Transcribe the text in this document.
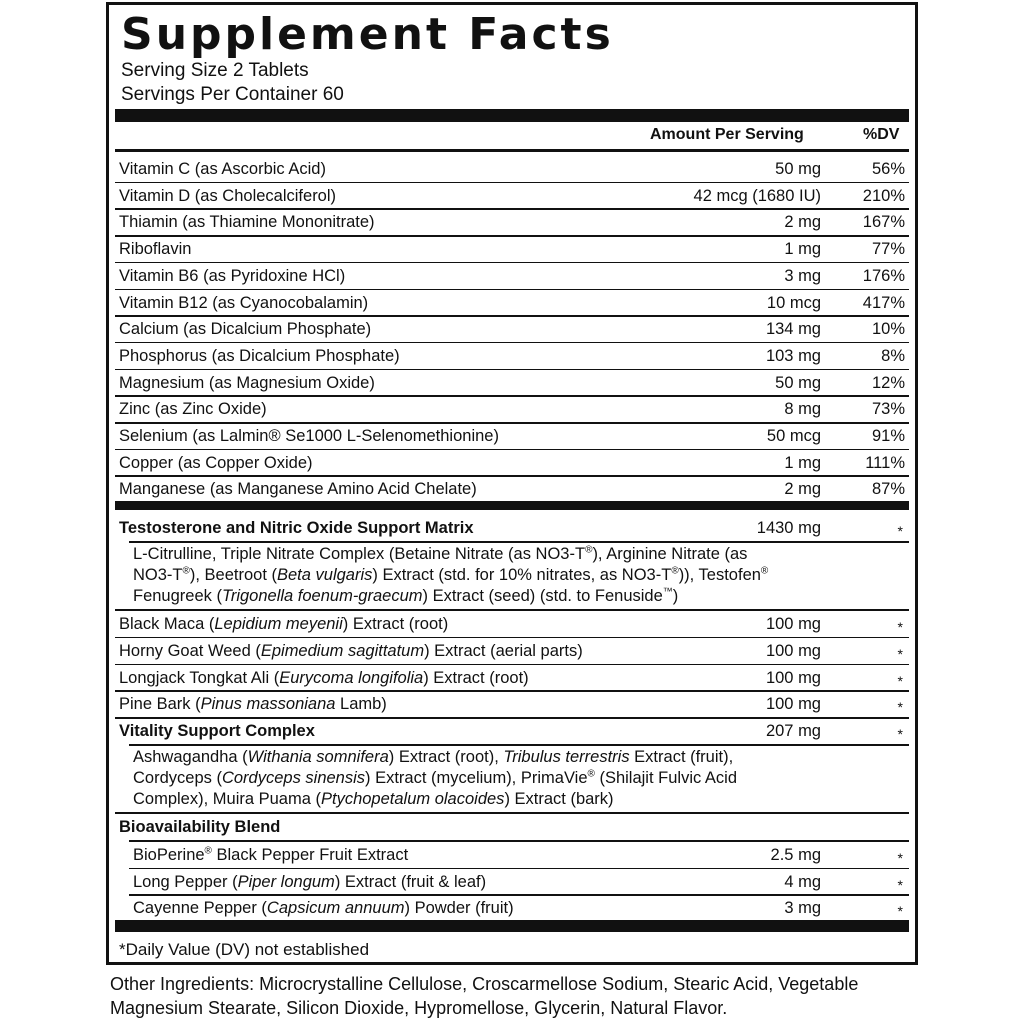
Supplement Facts
Serving Size 2 Tablets
Servings Per Container 60
Amount Per Serving	%DV
Vitamin C (as Ascorbic Acid)	50 mg	56%
Vitamin D (as Cholecalciferol)	42 mcg (1680 IU)	210%
Thiamin (as Thiamine Mononitrate)	2 mg	167%
Riboflavin	1 mg	77%
Vitamin B6 (as Pyridoxine HCl)	3 mg	176%
Vitamin B12 (as Cyanocobalamin)	10 mcg	417%
Calcium (as Dicalcium Phosphate)	134 mg	10%
Phosphorus (as Dicalcium Phosphate)	103 mg	8%
Magnesium (as Magnesium Oxide)	50 mg	12%
Zinc (as Zinc Oxide)	8 mg	73%
Selenium (as Lalmin® Se1000 L-Selenomethionine)	50 mcg	91%
Copper (as Copper Oxide)	1 mg	111%
Manganese (as Manganese Amino Acid Chelate)	2 mg	87%
Testosterone and Nitric Oxide Support Matrix	1430 mg	*
L-Citrulline, Triple Nitrate Complex (Betaine Nitrate (as NO3-T®), Arginine Nitrate (as NO3-T®), Beetroot (Beta vulgaris) Extract (std. for 10% nitrates, as NO3-T®)), Testofen® Fenugreek (Trigonella foenum-graecum) Extract (seed) (std. to Fenuside™)
Black Maca (Lepidium meyenii) Extract (root)	100 mg	*
Horny Goat Weed (Epimedium sagittatum) Extract (aerial parts)	100 mg	*
Longjack Tongkat Ali (Eurycoma longifolia) Extract (root)	100 mg	*
Pine Bark (Pinus massoniana Lamb)	100 mg	*
Vitality Support Complex	207 mg	*
Ashwagandha (Withania somnifera) Extract (root), Tribulus terrestris Extract (fruit), Cordyceps (Cordyceps sinensis) Extract (mycelium), PrimaVie® (Shilajit Fulvic Acid Complex), Muira Puama (Ptychopetalum olacoides) Extract (bark)
Bioavailability Blend
BioPerine® Black Pepper Fruit Extract	2.5 mg	*
Long Pepper (Piper longum) Extract (fruit & leaf)	4 mg	*
Cayenne Pepper (Capsicum annuum) Powder (fruit)	3 mg	*
*Daily Value (DV) not established
Other Ingredients: Microcrystalline Cellulose, Croscarmellose Sodium, Stearic Acid, Vegetable Magnesium Stearate, Silicon Dioxide, Hypromellose, Glycerin, Natural Flavor.
